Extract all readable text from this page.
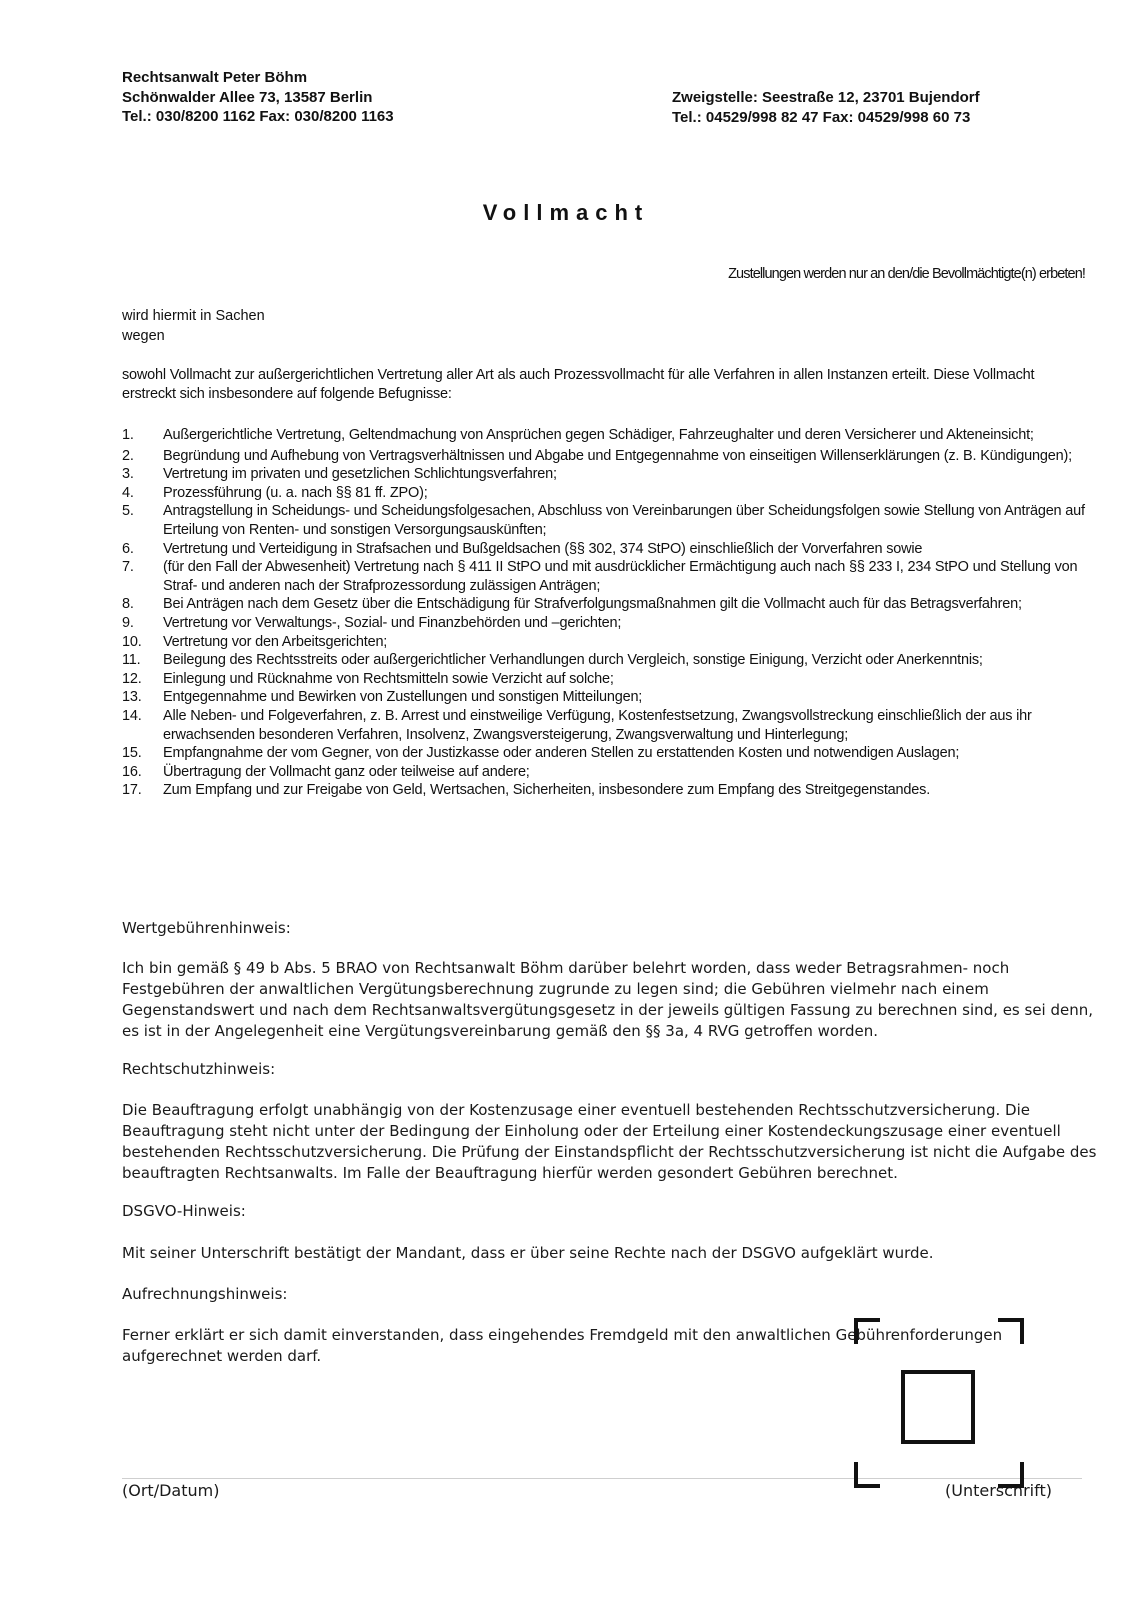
Rechtsanwalt Peter Böhm
Schönwalder Allee 73, 13587 Berlin
Tel.: 030/8200 1162 Fax: 030/8200 1163
Zweigstelle: Seestraße 12, 23701 Bujendorf
Tel.: 04529/998 82 47 Fax: 04529/998 60 73
Vollmacht
Zustellungen werden nur an den/die Bevollmächtigte(n) erbeten!
wird hiermit in Sachen
wegen
sowohl Vollmacht zur außergerichtlichen Vertretung aller Art als auch Prozessvollmacht für alle Verfahren in allen Instanzen erteilt. Diese Vollmacht erstreckt sich insbesondere auf folgende Befugnisse:
1.	Außergerichtliche Vertretung, Geltendmachung von Ansprüchen gegen Schädiger, Fahrzeughalter und deren Versicherer und Akteneinsicht;
2.	Begründung und Aufhebung von Vertragsverhältnissen und Abgabe und Entgegennahme von einseitigen Willenserklärungen (z. B. Kündigungen);
3.	Vertretung im privaten und gesetzlichen Schlichtungsverfahren;
4.	Prozessführung (u. a. nach §§ 81 ff. ZPO);
5.	Antragstellung in Scheidungs- und Scheidungsfolgesachen, Abschluss von Vereinbarungen über Scheidungsfolgen sowie Stellung von Anträgen auf Erteilung von Renten- und sonstigen Versorgungsauskünften;
6.	Vertretung und Verteidigung in Strafsachen und Bußgeldsachen (§§ 302, 374 StPO) einschließlich der Vorverfahren sowie
7.	(für den Fall der Abwesenheit) Vertretung nach § 411 II StPO und mit ausdrücklicher Ermächtigung auch nach §§ 233 I, 234 StPO und Stellung von Straf- und anderen nach der Strafprozessordung zulässigen Anträgen;
8.	Bei Anträgen nach dem Gesetz über die Entschädigung für Strafverfolgungsmaßnahmen gilt die Vollmacht auch für das Betragsverfahren;
9.	Vertretung vor Verwaltungs-, Sozial- und Finanzbehörden und –gerichten;
10.	Vertretung vor den Arbeitsgerichten;
11.	Beilegung des Rechtsstreits oder außergerichtlicher Verhandlungen durch Vergleich, sonstige Einigung, Verzicht oder Anerkenntnis;
12.	Einlegung und Rücknahme von Rechtsmitteln sowie Verzicht auf solche;
13.	Entgegennahme und Bewirken von Zustellungen und sonstigen Mitteilungen;
14.	Alle Neben- und Folgeverfahren, z. B. Arrest und einstweilige Verfügung, Kostenfestsetzung, Zwangsvollstreckung einschließlich der aus ihr erwachsenden besonderen Verfahren, Insolvenz, Zwangsversteigerung, Zwangsverwaltung und Hinterlegung;
15.	Empfangnahme der vom Gegner, von der Justizkasse oder anderen Stellen zu erstattenden Kosten und notwendigen Auslagen;
16.	Übertragung der Vollmacht ganz oder teilweise auf andere;
17.	Zum Empfang und zur Freigabe von Geld, Wertsachen, Sicherheiten, insbesondere zum Empfang des Streitgegenstandes.
Wertgebührenhinweis:
Ich bin gemäß § 49 b Abs. 5 BRAO von Rechtsanwalt Böhm darüber belehrt worden, dass weder Betragsrahmen- noch Festgebühren der anwaltlichen Vergütungsberechnung zugrunde zu legen sind; die Gebühren vielmehr nach einem Gegenstandswert und nach dem Rechtsanwaltsvergütungsgesetz in der jeweils gültigen Fassung zu berechnen sind, es sei denn, es ist in der Angelegenheit eine Vergütungsvereinbarung gemäß den §§ 3a, 4 RVG getroffen worden.
Rechtschutzhinweis:
Die Beauftragung erfolgt unabhängig von der Kostenzusage einer eventuell bestehenden Rechtsschutzversicherung. Die Beauftragung steht nicht unter der Bedingung der Einholung oder der Erteilung einer Kostendeckungszusage einer eventuell bestehenden Rechtsschutzversicherung. Die Prüfung der Einstandspflicht der Rechtsschutzversicherung ist nicht die Aufgabe des beauftragten Rechtsanwalts. Im Falle der Beauftragung hierfür werden gesondert Gebühren berechnet.
DSGVO-Hinweis:
Mit seiner Unterschrift bestätigt der Mandant, dass er über seine Rechte nach der DSGVO aufgeklärt wurde.
Aufrechnungshinweis:
Ferner erklärt er sich damit einverstanden, dass eingehendes Fremdgeld mit den anwaltlichen Gebührenforderungen aufgerechnet werden darf.
(Ort/Datum)	(Unterschrift)
